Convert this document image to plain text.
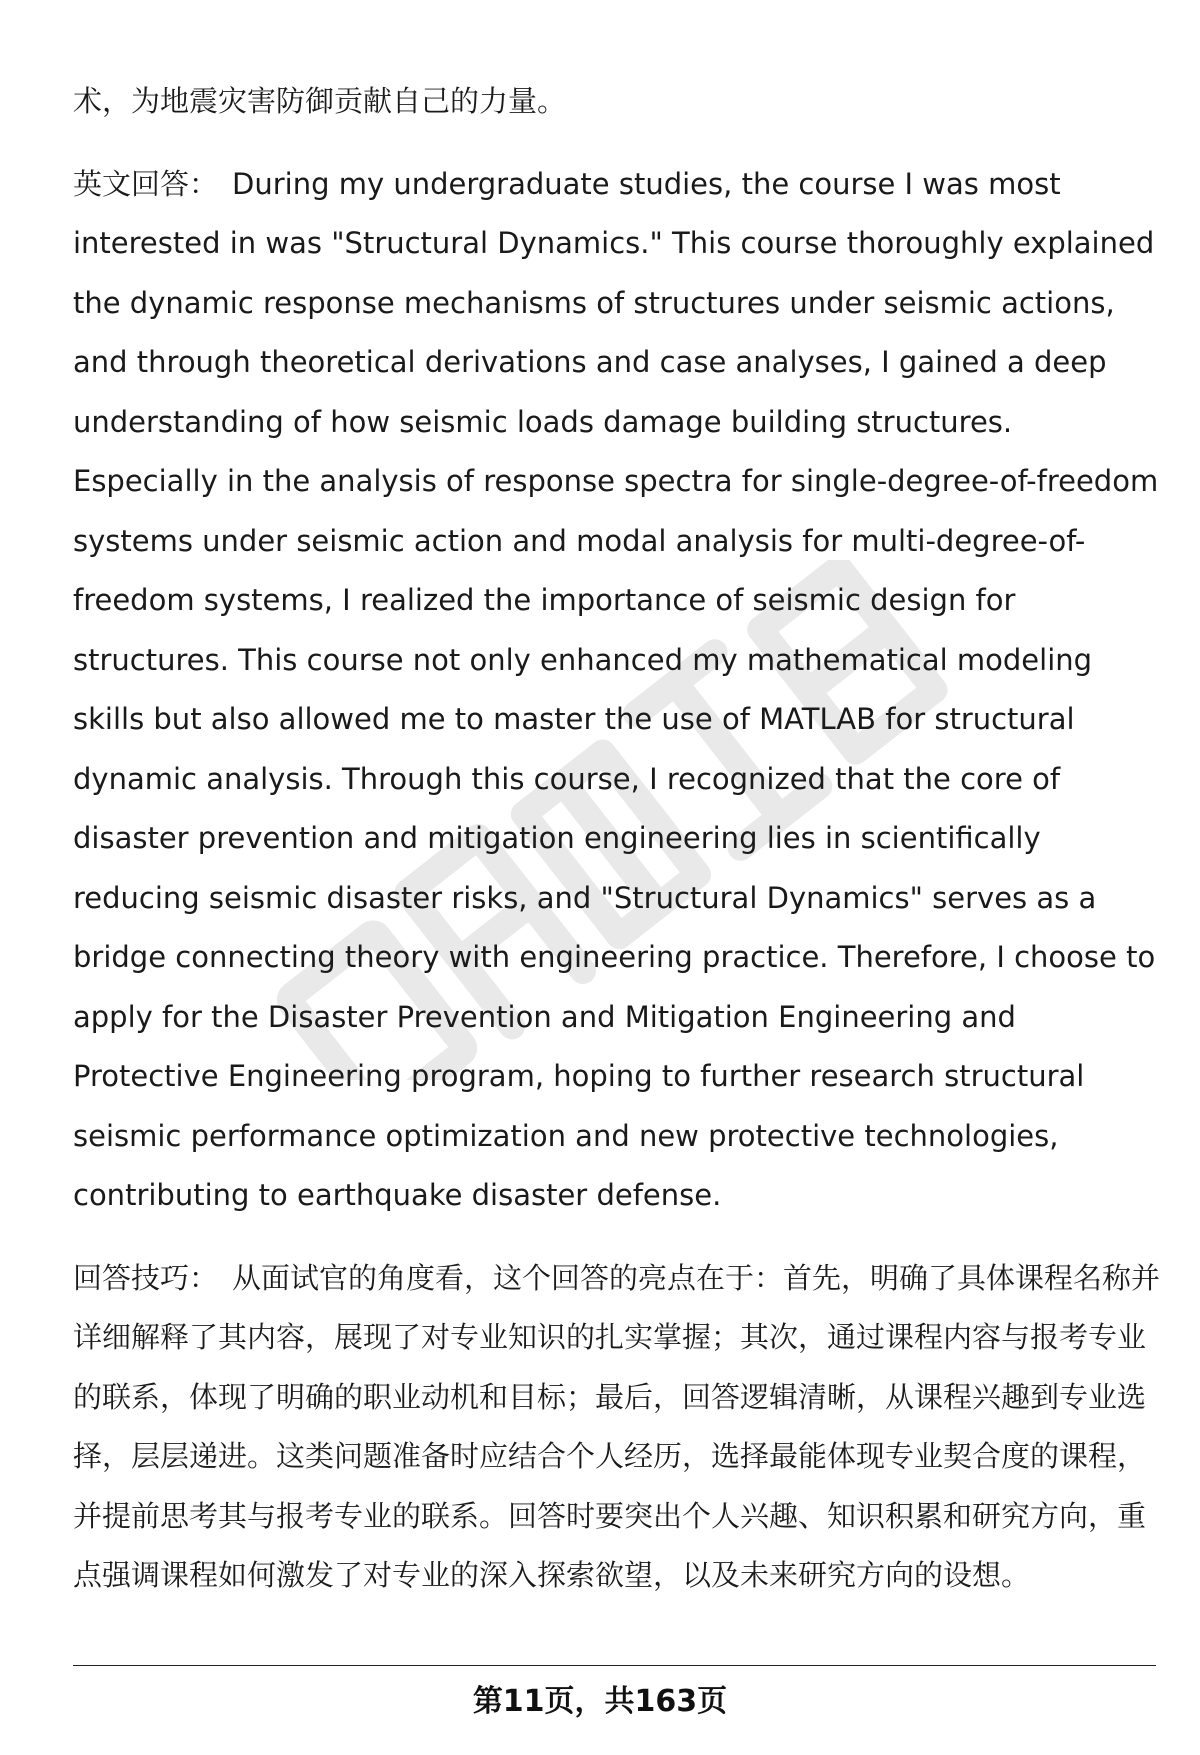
术，为地震灾害防御贡献自己的力量。

英文回答： During my undergraduate studies, the course I was most interested in was "Structural Dynamics." This course thoroughly explained the dynamic response mechanisms of structures under seismic actions, and through theoretical derivations and case analyses, I gained a deep understanding of how seismic loads damage building structures. Especially in the analysis of response spectra for single-degree-of-freedom systems under seismic action and modal analysis for multi-degree-of-freedom systems, I realized the importance of seismic design for structures. This course not only enhanced my mathematical modeling skills but also allowed me to master the use of MATLAB for structural dynamic analysis. Through this course, I recognized that the core of disaster prevention and mitigation engineering lies in scientifically reducing seismic disaster risks, and "Structural Dynamics" serves as a bridge connecting theory with engineering practice. Therefore, I choose to apply for the Disaster Prevention and Mitigation Engineering and Protective Engineering program, hoping to further research structural seismic performance optimization and new protective technologies, contributing to earthquake disaster defense.

回答技巧： 从面试官的角度看，这个回答的亮点在于：首先，明确了具体课程名称并详细解释了其内容，展现了对专业知识的扎实掌握；其次，通过课程内容与报考专业的联系，体现了明确的职业动机和目标；最后，回答逻辑清晰，从课程兴趣到专业选择，层层递进。这类问题准备时应结合个人经历，选择最能体现专业契合度的课程，并提前思考其与报考专业的联系。回答时要突出个人兴趣、知识积累和研究方向，重点强调课程如何激发了对专业的深入探索欲望，以及未来研究方向的设想。

第11页，共163页
